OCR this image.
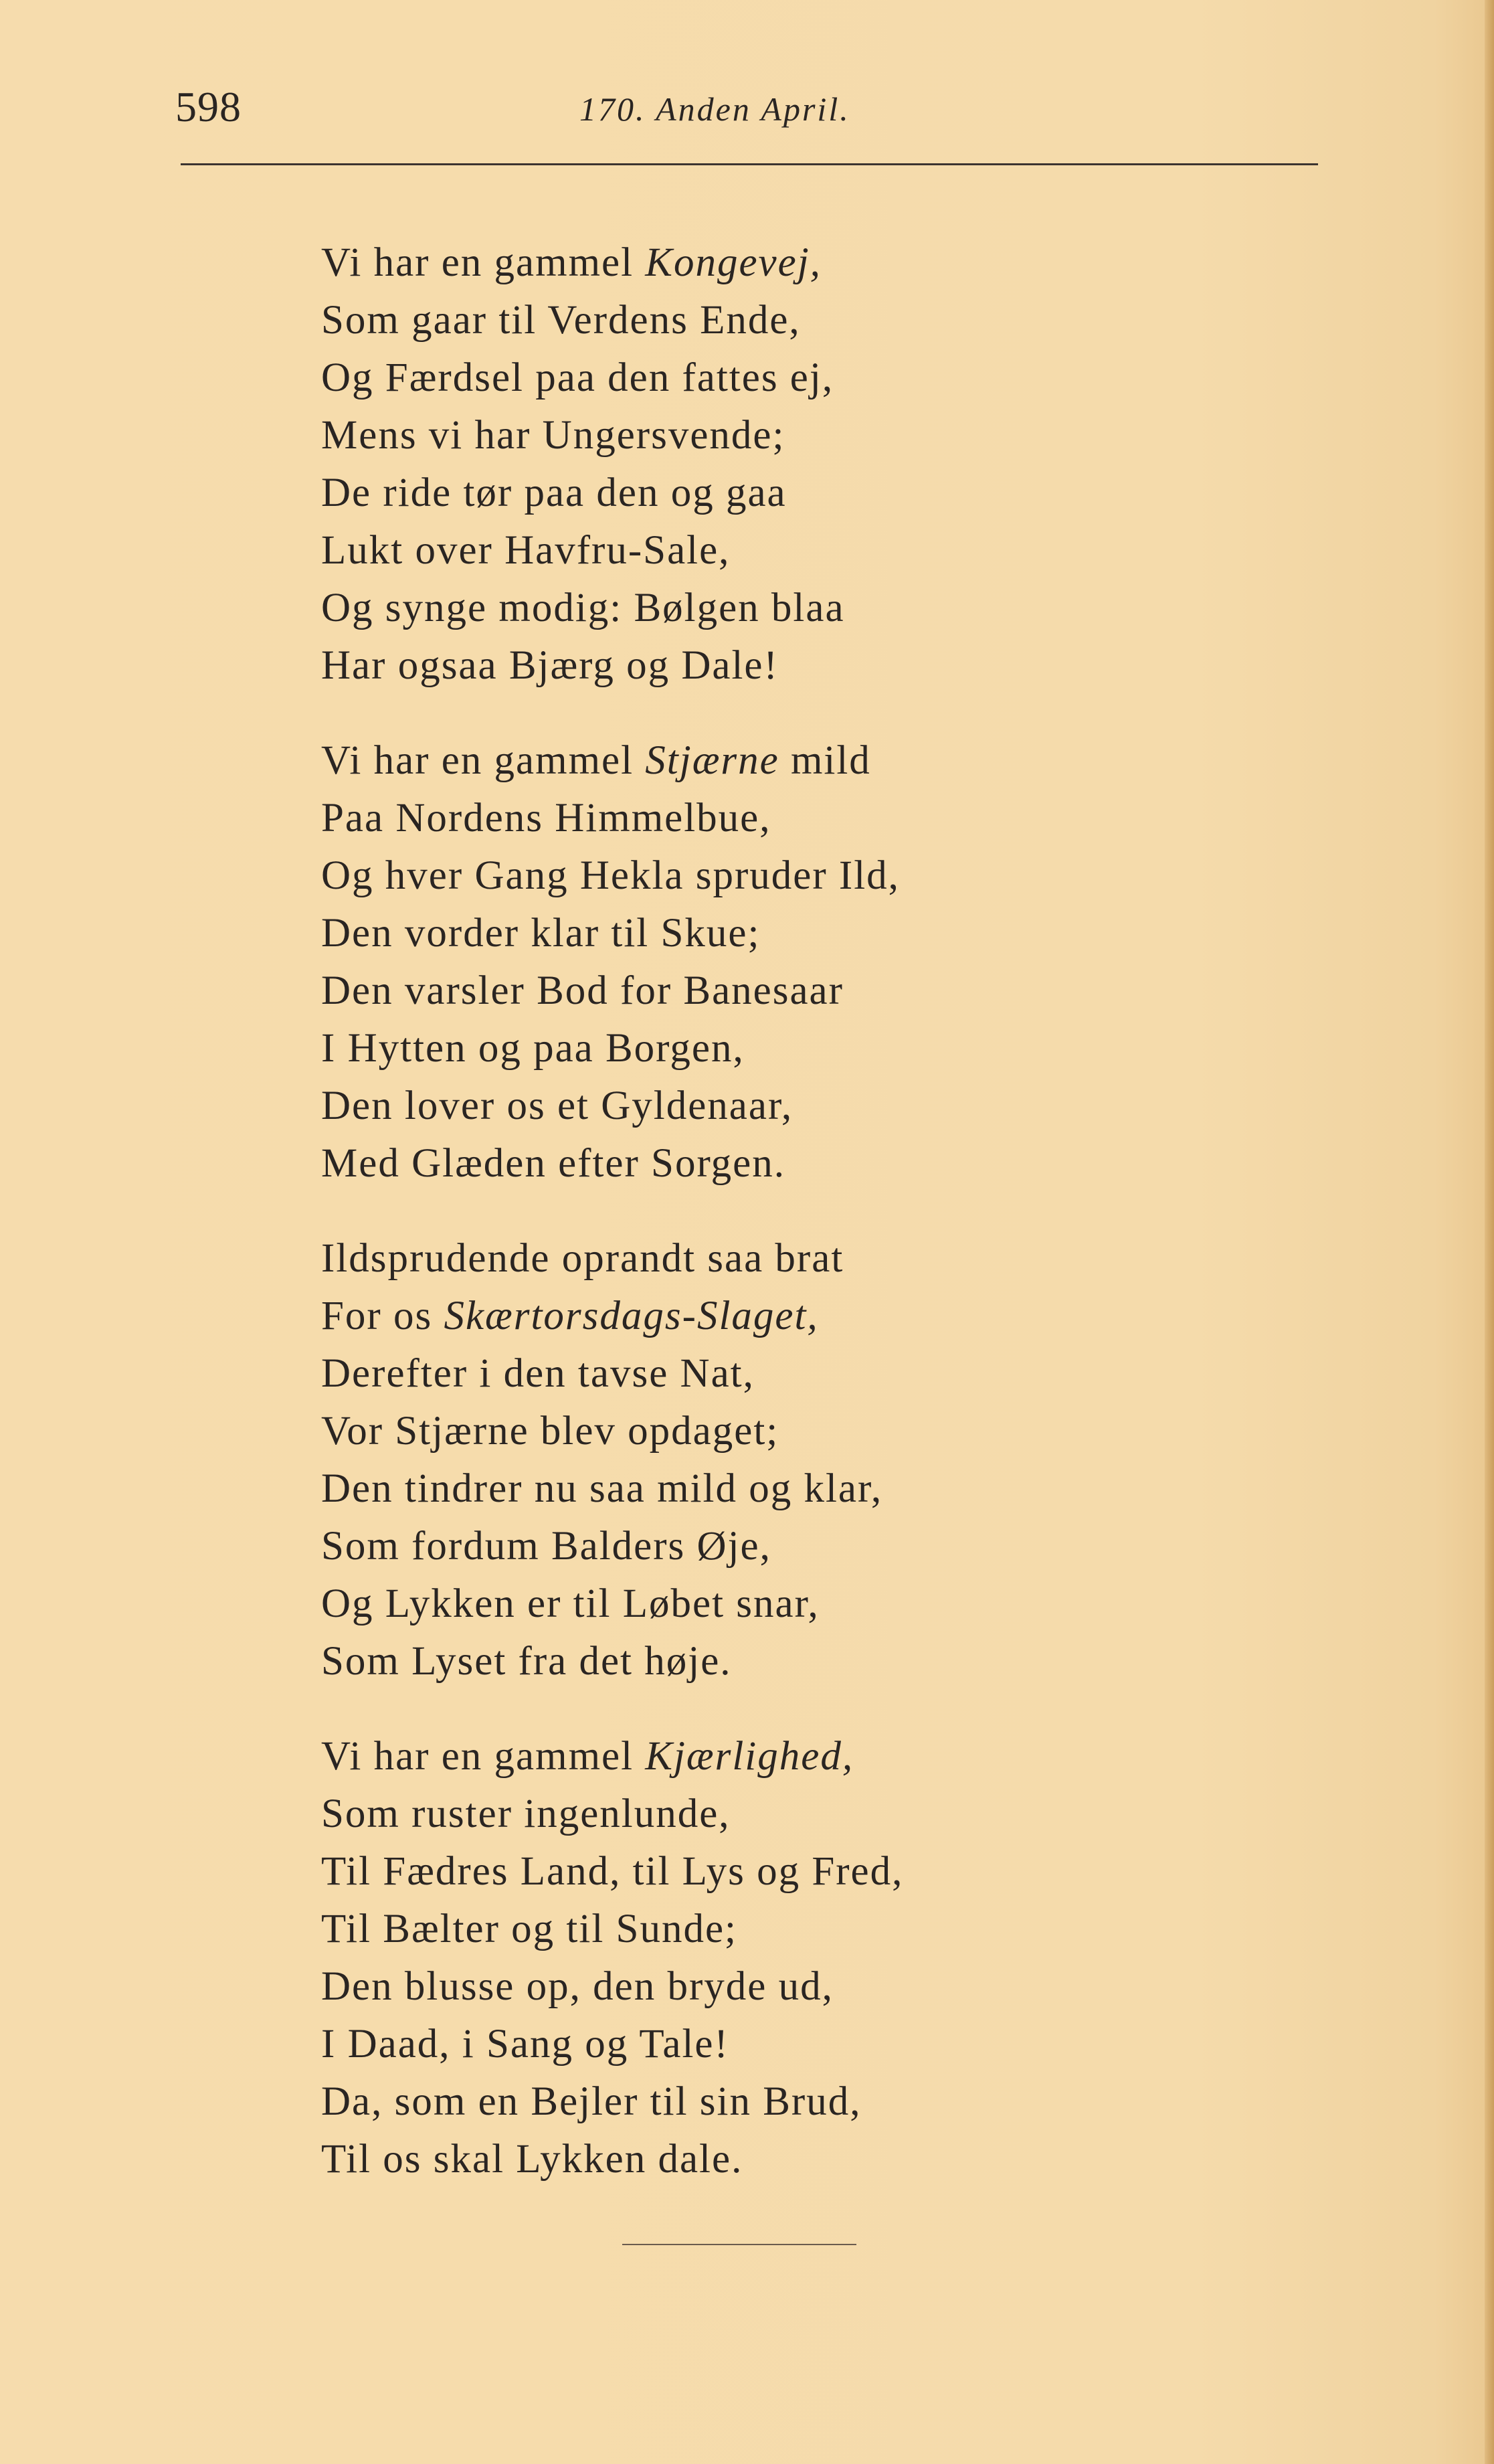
598	170. Anden April.
Vi har en gammel Kongevej,
Som gaar til Verdens Ende,
Og Færdsel paa den fattes ej,
Mens vi har Ungersvende;
De ride tør paa den og gaa
Lukt over Havfru-Sale,
Og synge modig: Bølgen blaa
Har ogsaa Bjærg og Dale!
Vi har en gammel Stjærne mild
Paa Nordens Himmelbue,
Og hver Gang Hekla spruder Ild,
Den vorder klar til Skue;
Den varsler Bod for Banesaar
I Hytten og paa Borgen,
Den lover os et Gyldenaar,
Med Glæden efter Sorgen.
Ildsprudende oprandt saa brat
For os Skærtorsdags-Slaget,
Derefter i den tavse Nat,
Vor Stjærne blev opdaget;
Den tindrer nu saa mild og klar,
Som fordum Balders Øje,
Og Lykken er til Løbet snar,
Som Lyset fra det høje.
Vi har en gammel Kjærlighed,
Som ruster ingenlunde,
Til Fædres Land, til Lys og Fred,
Til Bælter og til Sunde;
Den blusse op, den bryde ud,
I Daad, i Sang og Tale!
Da, som en Bejler til sin Brud,
Til os skal Lykken dale.
